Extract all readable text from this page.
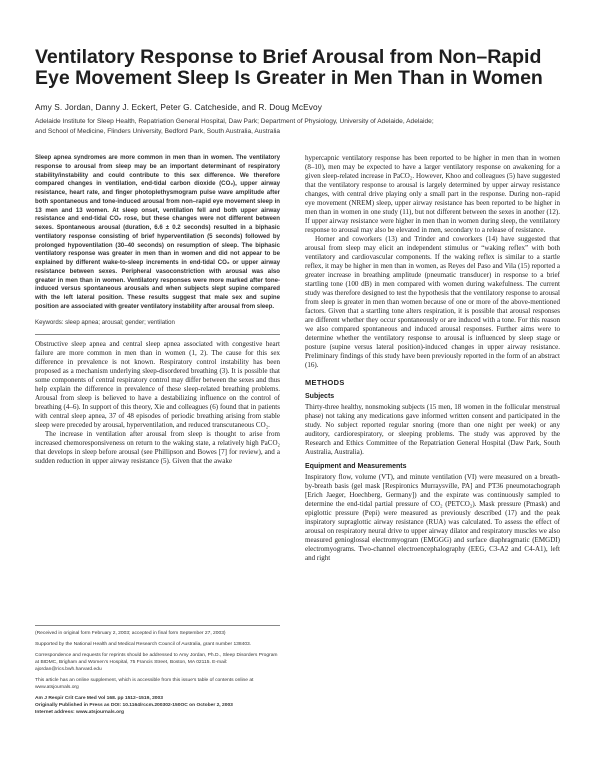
Ventilatory Response to Brief Arousal from Non–Rapid
Eye Movement Sleep Is Greater in Men Than in Women
Amy S. Jordan, Danny J. Eckert, Peter G. Catcheside, and R. Doug McEvoy
Adelaide Institute for Sleep Health, Repatriation General Hospital, Daw Park; Department of Physiology, University of Adelaide, Adelaide;
and School of Medicine, Flinders University, Bedford Park, South Australia, Australia

Sleep apnea syndromes are more common in men than in women. The ventilatory response to arousal from sleep may be an important determinant of respiratory stability/instability and could contribute to this sex difference. We therefore compared changes in ventilation, end-tidal carbon dioxide (CO₂), upper airway resistance, heart rate, and finger photoplethysmogram pulse wave amplitude after both spontaneous and tone-induced arousal from non–rapid eye movement sleep in 13 men and 13 women. At sleep onset, ventilation fell and both upper airway resistance and end-tidal CO₂ rose, but these changes were not different between sexes. Spontaneous arousal (duration, 6.6 ± 0.2 seconds) resulted in a biphasic ventilatory response consisting of brief hyperventilation (5 seconds) followed by prolonged hypoventilation (30–40 seconds) on resumption of sleep. The biphasic ventilatory response was greater in men than in women and did not appear to be explained by different wake-to-sleep increments in end-tidal CO₂ or upper airway resistance between sexes. Peripheral vasoconstriction with arousal was also greater in men than in women. Ventilatory responses were more marked after tone-induced versus spontaneous arousals and when subjects slept supine compared with the left lateral position. These results suggest that male sex and supine position are associated with greater ventilatory instability after arousal from sleep.

Keywords: sleep apnea; arousal; gender; ventilation

Obstructive sleep apnea and central sleep apnea associated with congestive heart failure are more common in men than in women (1, 2). The cause for this sex difference in prevalence is not known. Respiratory control instability has been proposed as a mechanism underlying sleep-disordered breathing (3). It is possible that some components of central respiratory control may differ between the sexes and thus help explain the difference in prevalence of these sleep-related breathing problems. Arousal from sleep is believed to have a destabilizing influence on the control of breathing (4–6). In support of this theory, Xie and colleagues (6) found that in patients with central sleep apnea, 37 of 48 episodes of periodic breathing arising from stable sleep were preceded by arousal, hyperventilation, and reduced transcutaneous CO₂.

The increase in ventilation after arousal from sleep is thought to arise from increased chemoresponsiveness on return to the waking state, a relatively high PaCO₂ that develops in sleep before arousal (see Phillipson and Bowes [7] for review), and a sudden reduction in upper airway resistance (5). Given that the awake

(Received in original form February 2, 2003; accepted in final form September 27, 2003)

Supported by the National Health and Medical Research Council of Australia, grant number 138403.

Correspondence and requests for reprints should be addressed to Amy Jordan, Ph.D., Sleep Disorders Program at BIDMC, Brigham and Women's Hospital, 75 Francis Street, Boston, MA 02115. E-mail: ajordan@rics.bwh.harvard.edu

This article has an online supplement, which is accessible from this issue's table of contents online at www.atsjournals.org

Am J Respir Crit Care Med Vol 168. pp 1512–1519, 2003

Originally Published in Press as DOI: 10.1164/rccm.200302-150OC on October 2, 2003

Internet address: www.atsjournals.org

hypercapnic ventilatory response has been reported to be higher in men than in women (8–10), men may be expected to have a larger ventilatory response on awakening for a given sleep-related increase in PaCO₂. However, Khoo and colleagues (5) have suggested that the ventilatory response to arousal is largely determined by upper airway resistance changes, with central drive playing only a small part in the response. During non–rapid eye movement (NREM) sleep, upper airway resistance has been reported to be higher in men than in women in one study (11), but not different between the sexes in another (12). If upper airway resistance were higher in men than in women during sleep, the ventilatory response to arousal may also be elevated in men, secondary to a release of resistance.

Horner and coworkers (13) and Trinder and coworkers (14) have suggested that arousal from sleep may elicit an independent stimulus or “waking reflex” with both ventilatory and cardiovascular components. If the waking reflex is similar to a startle reflex, it may be higher in men than in women, as Reyes del Paso and Vila (15) reported a greater increase in breathing amplitude (pneumatic transducer) in response to a brief startling tone (100 dB) in men compared with women during wakefulness. The current study was therefore designed to test the hypothesis that the ventilatory response to arousal from sleep is greater in men than women because of one or more of the above-mentioned factors. Given that a startling tone alters respiration, it is possible that arousal responses are different whether they occur spontaneously or are induced with a tone. For this reason we also compared spontaneous and induced arousal responses. Further aims were to determine whether the ventilatory response to arousal is influenced by sleep stage or posture (supine versus lateral position)-induced changes in upper airway resistance. Preliminary findings of this study have been previously reported in the form of an abstract (16).

METHODS
Subjects

Thirty-three healthy, nonsmoking subjects (15 men, 18 women in the follicular menstrual phase) not taking any medications gave informed written consent and participated in the study. No subject reported regular snoring (more than one night per week) or any auditory, cardiorespiratory, or sleeping problems. The study was approved by the Research and Ethics Committee of the Repatriation General Hospital (Daw Park, South Australia, Australia).

Equipment and Measurements

Inspiratory flow, volume (VT), and minute ventilation (VI) were measured on a breath-by-breath basis (gel mask [Respironics Murraysville, PA] and PT36 pneumotachograph [Erich Jaeger, Hoechberg, Germany]) and the expirate was continuously sampled to determine the end-tidal partial pressure of CO₂ (PETCO₂). Mask pressure (Pmask) and epiglottic pressure (Pepi) were measured as previously described (17) and the peak inspiratory supraglottic airway resistance (RUA) was calculated. To assess the effect of arousal on respiratory neural drive to upper airway dilator and respiratory muscles we also measured genioglossal electromyogram (EMGGG) and surface diaphragmatic (EMGDI) electromyograms. Two-channel electroencephalography (EEG, C3-A2 and C4-A1), left and right
